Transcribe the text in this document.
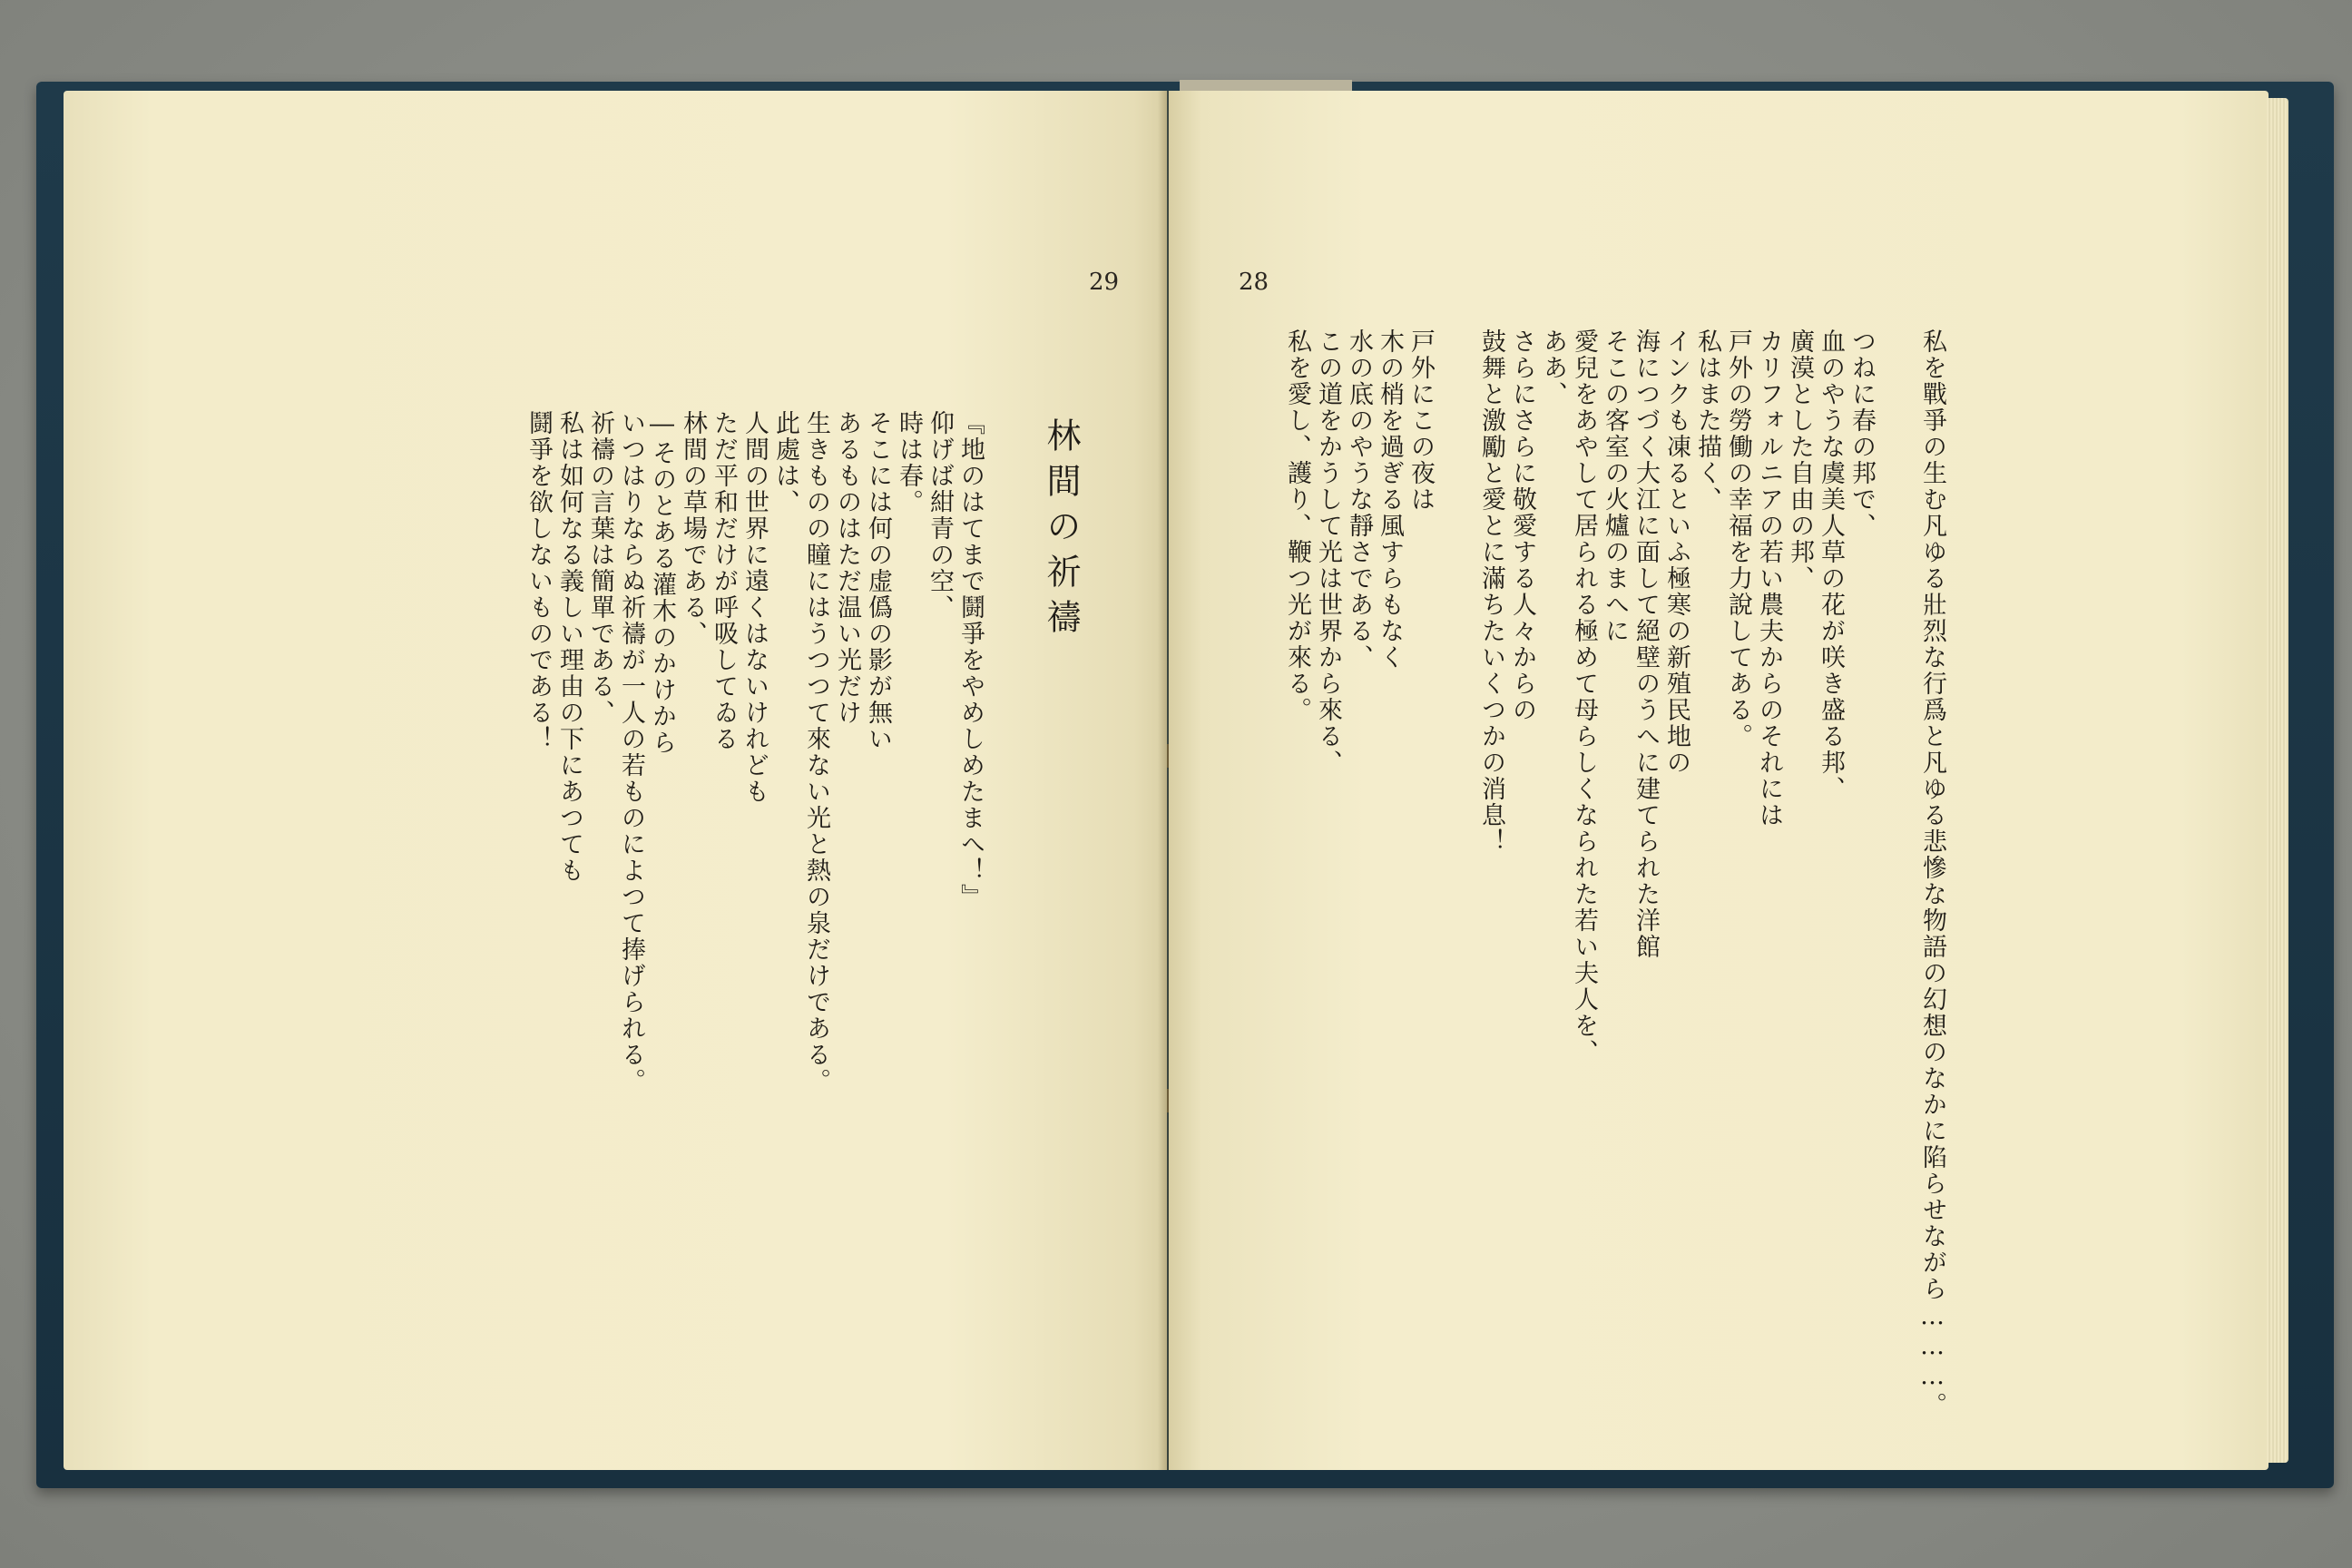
29
林間の祈禱
『地のはてまで鬪爭をやめしめたまへ！』
仰げば紺青の空、
時は春。
そこには何の虚僞の影が無い
あるものはただ温い光だけ
生きものの瞳にはうつつて來ない光と熱の泉だけである。
此處は、
人間の世界に遠くはないけれども
ただ平和だけが呼吸してゐる
林間の草場である、
―そのとある灌木のかけから
いつはりならぬ祈禱が一人の若ものによつて捧げられる。
祈禱の言葉は簡單である、
私は如何なる義しい理由の下にあつても
鬪爭を欲しないものである！
28
私を戰爭の生む凡ゆる壯烈な行爲と凡ゆる悲慘な物語の幻想のなかに陷らせながら………。
つねに春の邦で、
血のやうな虞美人草の花が咲き盛る邦、
廣漠とした自由の邦、
カリフォルニアの若い農夫からのそれには
戸外の勞働の幸福を力說してある。
私はまた描く、
インクも凍るといふ極寒の新殖民地の
海につづく大江に面して絕壁のうへに建てられた洋館
そこの客室の火爐のまへに
愛兒をあやして居られる極めて母らしくなられた若い夫人を、
ああ、
さらにさらに敬愛する人々からの
鼓舞と激勵と愛とに滿ちたいくつかの消息！
戸外にこの夜は
木の梢を過ぎる風すらもなく
水の底のやうな靜さである、
この道をかうして光は世界から來る、
私を愛し、護り、鞭つ光が來る。
